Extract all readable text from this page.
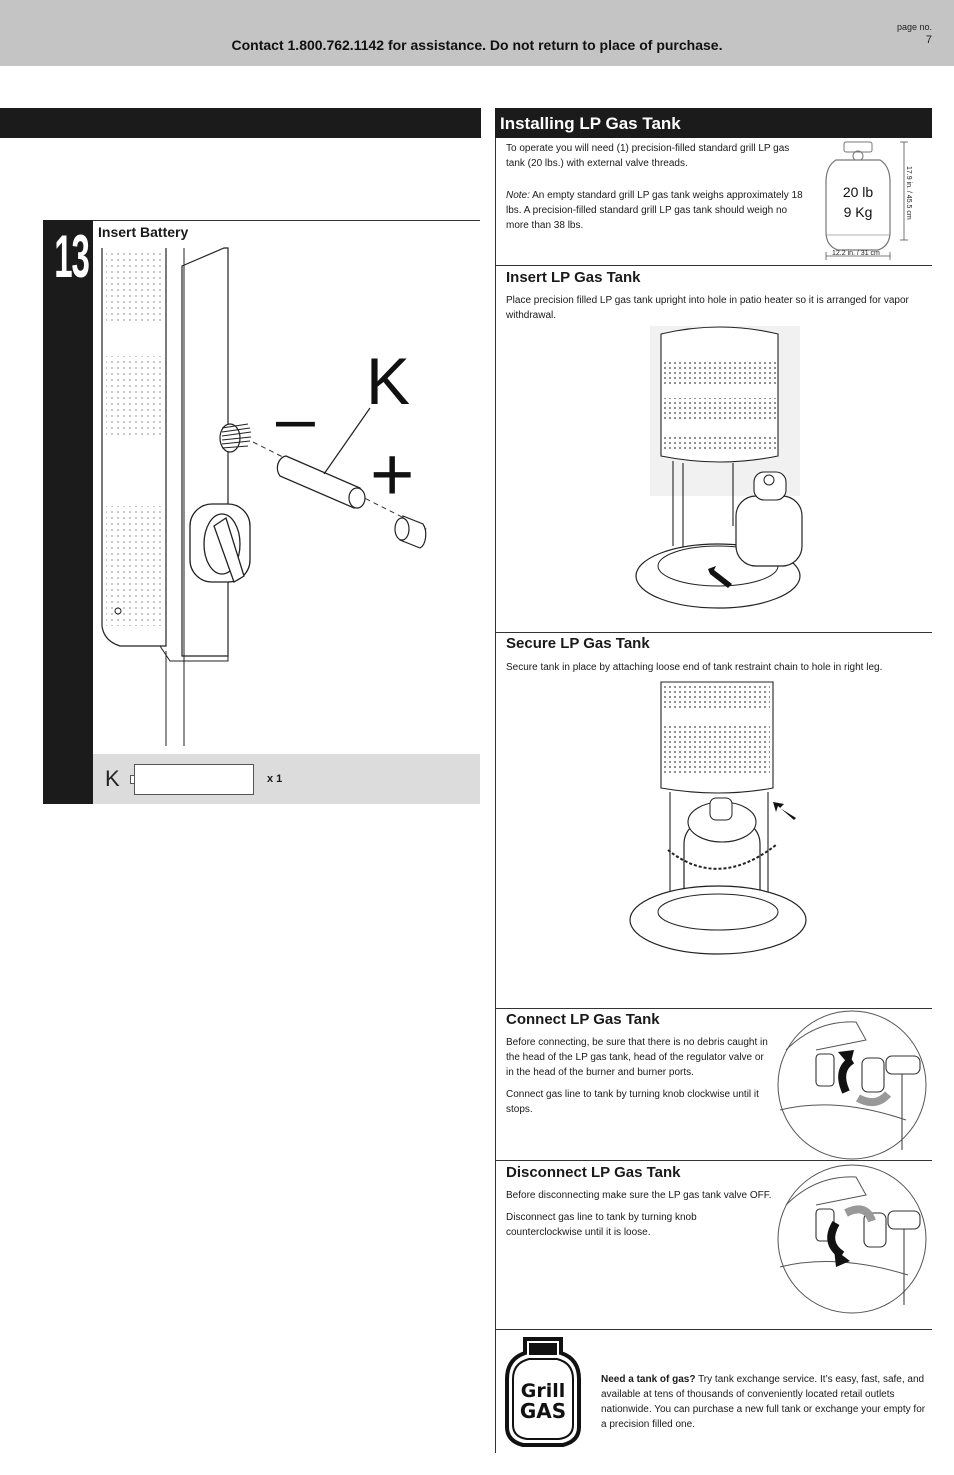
Contact 1.800.762.1142 for assistance. Do not return to place of purchase.
page no.
7
13 Insert Battery
K
–
+
K	x 1
Installing LP Gas Tank
To operate you will need (1) precision-filled standard grill LP gas tank (20 lbs.) with external valve threads.
Note: An empty standard grill LP gas tank weighs approximately 18 lbs. A precision-filled standard grill LP gas tank should weigh no more than 38 lbs.
20 lb
9 Kg	17.9 in. / 45.5 cm
12.2 in. / 31 cm
Insert LP Gas Tank
Place precision filled LP gas tank upright into hole in patio heater so it is arranged for vapor withdrawal.
Secure LP Gas Tank
Secure tank in place by attaching loose end of tank restraint chain to hole in right leg.
Connect LP Gas Tank
Before connecting, be sure that there is no debris caught in the head of the LP gas tank, head of the regulator valve or in the head of the burner and burner ports.
Connect gas line to tank by turning knob clockwise until it stops.
Disconnect LP Gas Tank
Before disconnecting make sure the LP gas tank valve OFF.
Disconnect gas line to tank by turning knob counterclockwise until it is loose.
Grill
GAS
Need a tank of gas? Try tank exchange service. It’s easy, fast, safe, and available at tens of thousands of conveniently located retail outlets nationwide. You can purchase a new full tank or exchange your empty for a precision filled one.
